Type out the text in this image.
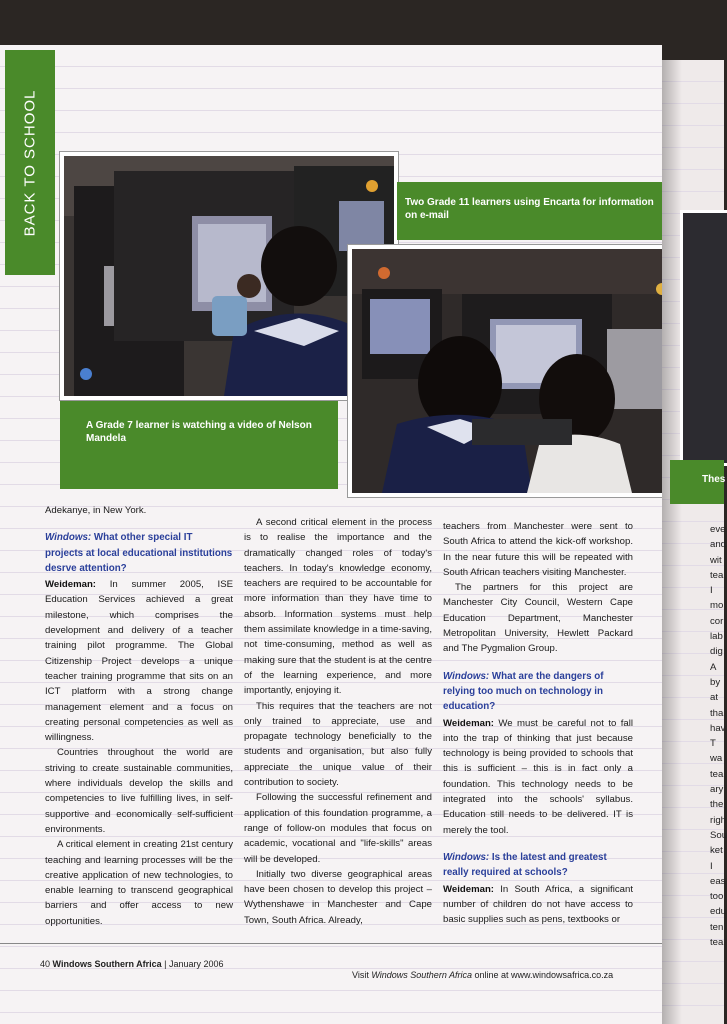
BACK TO SCHOOL
A Grade 7 learner is watching a video of Nelson Mandela
Two Grade 11 learners using Encarta for information on e-mail

Adekanye, in New York.

Windows: What other special IT projects at local educational institutions desrve attention?

Weideman: In summer 2005, ISE Education Services achieved a great milestone, which comprises the development and delivery of a teacher training pilot programme. The Global Citizenship Project develops a unique teacher training programme that sits on an ICT platform with a strong change management element and a focus on creating personal competencies as well as willingness.

Countries throughout the world are striving to create sustainable communities, where individuals develop the skills and competencies to live fulfilling lives, in self-supportive and economically self-sufficient environments.

A critical element in creating 21st century teaching and learning processes will be the creative application of new technologies, to enable learning to transcend geographical barriers and offer access to new opportunities.

A second critical element in the process is to realise the importance and the dramatically changed roles of today's teachers. In today's knowledge economy, teachers are required to be accountable for more information than they have time to absorb. Information systems must help them assimilate knowledge in a time-saving, not time-consuming, method as well as making sure that the student is at the centre of the learning experience, and more importantly, enjoying it.

This requires that the teachers are not only trained to appreciate, use and propagate technology beneficially to the students and organisation, but also fully appreciate the unique value of their contribution to society.

Following the successful refinement and application of this foundation programme, a range of follow-on modules that focus on academic, vocational and "life-skills" areas will be developed.

Initially two diverse geographical areas have been chosen to develop this project – Wythenshawe in Manchester and Cape Town, South Africa. Already,

teachers from Manchester were sent to South Africa to attend the kick-off workshop. In the near future this will be repeated with South African teachers visiting Manchester.

The partners for this project are Manchester City Council, Western Cape Education Department, Manchester Metropolitan University, Hewlett Packard and The Pygmalion Group.

Windows: What are the dangers of relying too much on technology in education?

Weideman: We must be careful not to fall into the trap of thinking that just because technology is being provided to schools that this is sufficient – this is in fact only a foundation. This technology needs to be integrated into the schools' syllabus. Education still needs to be delivered. IT is merely the tool.

Windows: Is the latest and greatest really required at schools?

Weideman: In South Africa, a significant number of children do not have access to basic supplies such as pens, textbooks or

40 Windows Southern Africa | January 2006
Visit Windows Southern Africa online at www.windowsafrica.co.za
Thes
eve
and
wit
tea
I
mo
cor
lab
dig
A
by
at
tha
hav
T
wa
tea
ary
the
righ
Sou
ket
I
eas
too
edu
ten
tea
